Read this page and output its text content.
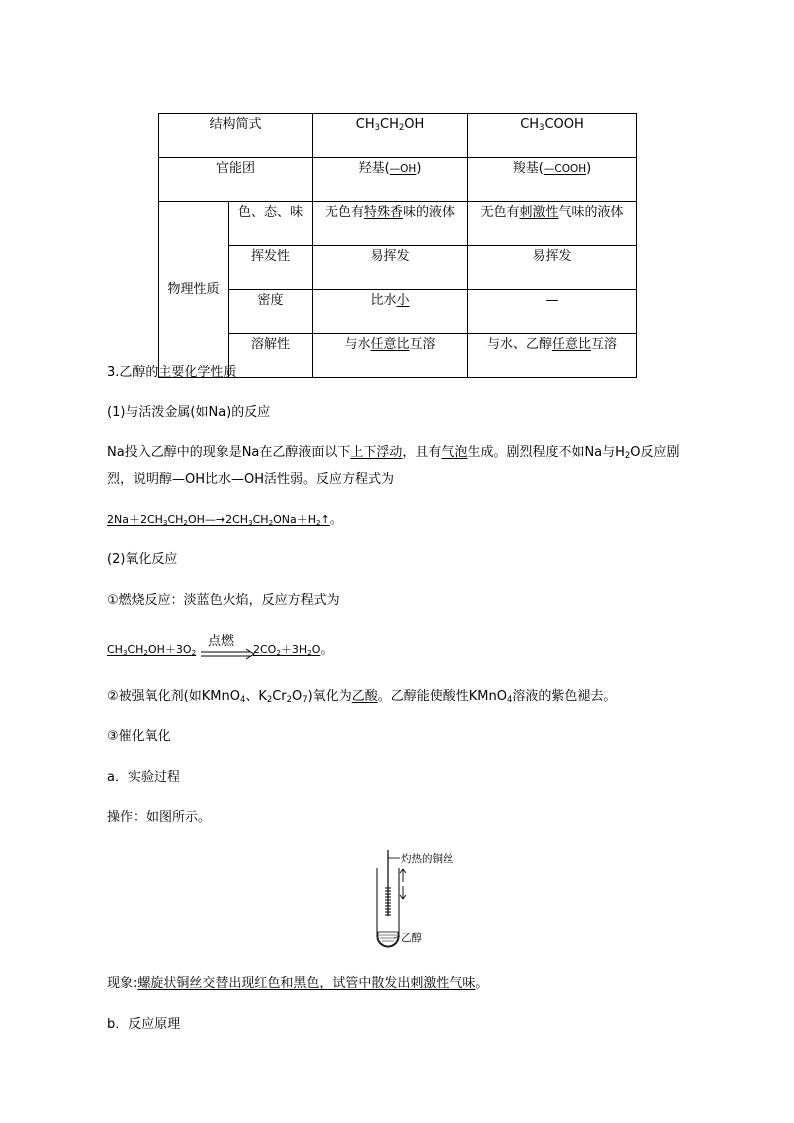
结构简式		$CH_3CH_2OH$	$CH_3COOH$
官能团		羟基(—OH)	羧基(—COOH)
物理性质	色、态、味	无色有特殊香味的液体	无色有刺激性气味的液体
	挥发性	易挥发	易挥发
	密度	比水小	—
	溶解性	与水任意比互溶	与水、乙醇任意比互溶
3.乙醇的主要化学性质
(1)与活泼金属(如Na)的反应
Na投入乙醇中的现象是Na在乙醇液面以下上下浮动，且有气泡生成。剧烈程度不如Na与$H_2O$反应剧
烈，说明醇—OH比水—OH活性弱。反应方程式为
$2Na+2CH_3CH_2OH—\to 2CH_3CH_2ONa+H_2↑$。
(2)氧化反应
①燃烧反应：淡蓝色火焰，反应方程式为
$CH_3CH_2OH+3O_2$
点燃
$2CO_2+3H_2O$。
②被强氧化剂(如KMnO$_4$、$K_2Cr_2O_7$)氧化为乙酸。乙醇能使酸性KMnO$_4$溶液的紫色褪去。
③催化氧化
a．实验过程
操作：如图所示。
灼热的铜丝
乙醇
现象:螺旋状铜丝交替出现红色和黑色，试管中散发出刺激性气味。
b．反应原理
